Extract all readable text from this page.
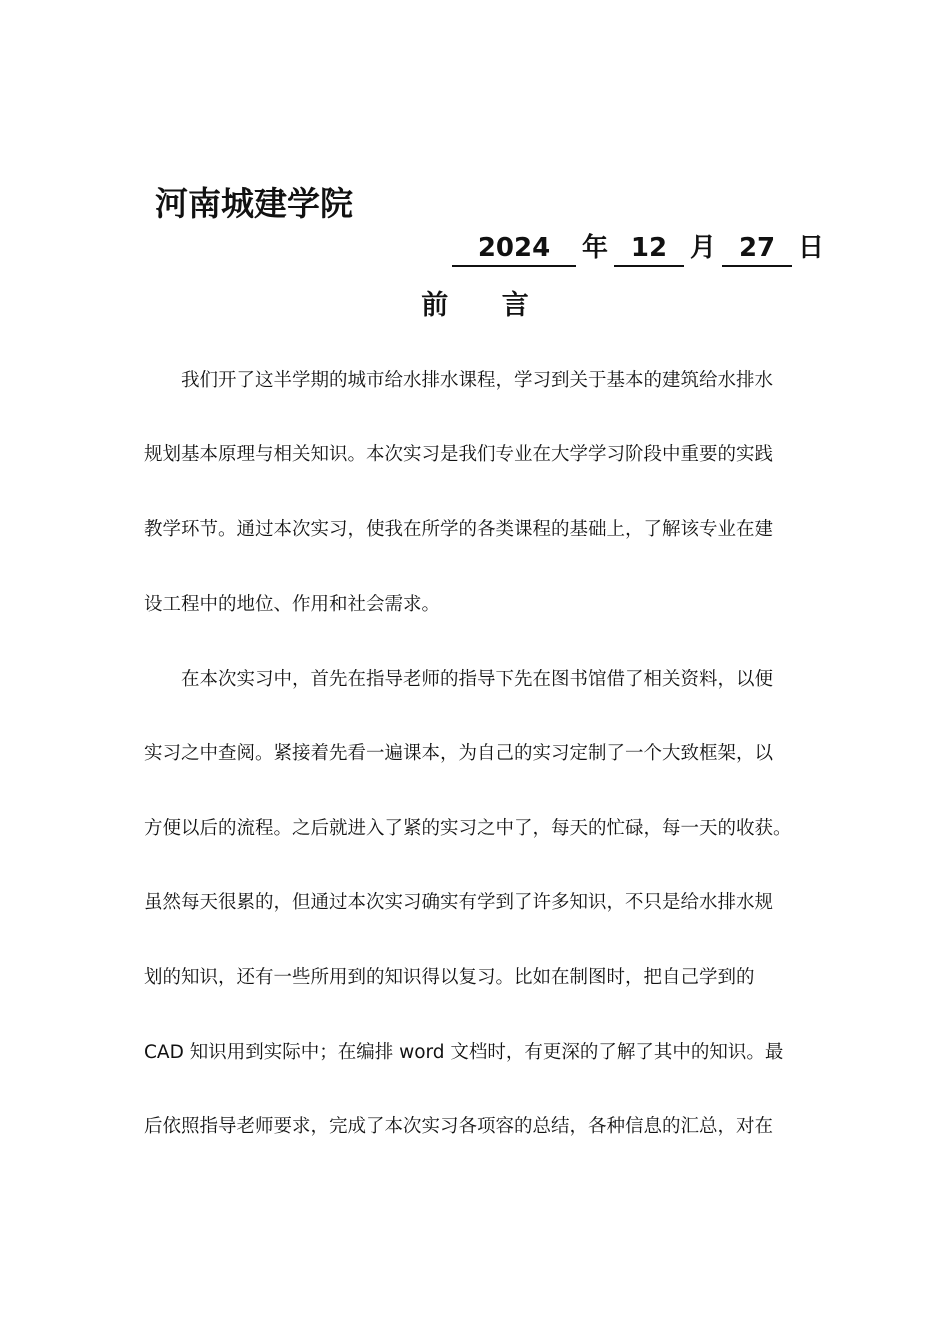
河南城建学院
2024	年 12 月 27 日
前 言
我们开了这半学期的城市给水排水课程，学习到关于基本的建筑给水排水
规划基本原理与相关知识。本次实习是我们专业在大学学习阶段中重要的实践
教学环节。通过本次实习，使我在所学的各类课程的基础上，了解该专业在建
设工程中的地位、作用和社会需求。
在本次实习中，首先在指导老师的指导下先在图书馆借了相关资料，以便
实习之中查阅。紧接着先看一遍课本，为自己的实习定制了一个大致框架，以
方便以后的流程。之后就进入了紧的实习之中了，每天的忙碌，每一天的收获。
虽然每天很累的，但通过本次实习确实有学到了许多知识，不只是给水排水规
划的知识，还有一些所用到的知识得以复习。比如在制图时，把自己学到的
CAD 知识用到实际中；在编排 word 文档时，有更深的了解了其中的知识。最
后依照指导老师要求，完成了本次实习各项容的总结，各种信息的汇总，对在
